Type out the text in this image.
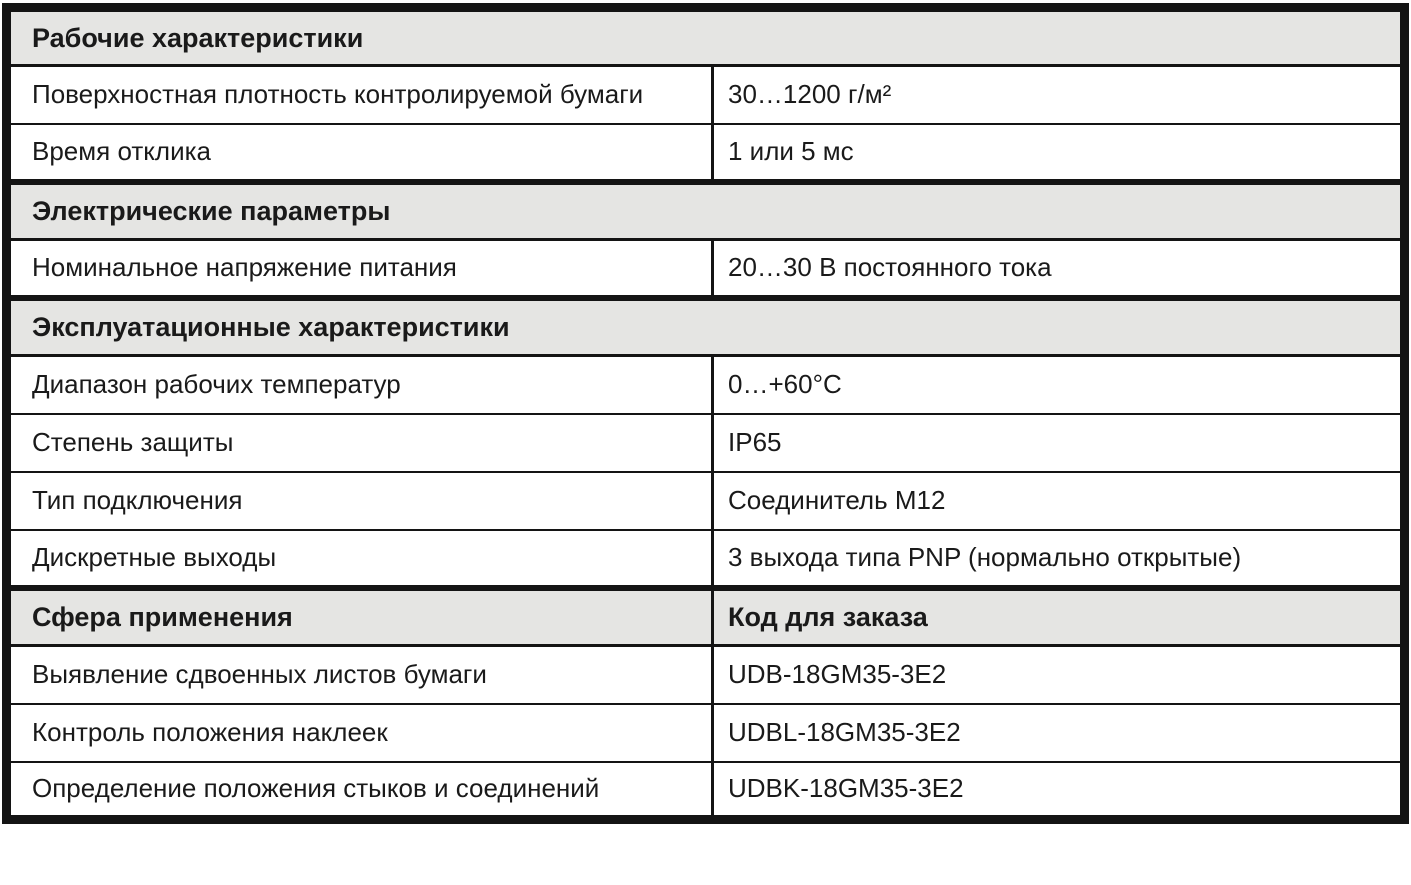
Рабочие характеристики	
Поверхностная плотность контролируемой бумаги	30…1200 г/м²
Время отклика	1 или 5 мс
Электрические параметры	
Номинальное напряжение питания	20…30 В постоянного тока
Эксплуатационные характеристики	
Диапазон рабочих температур	0…+60°C
Степень защиты	IP65
Тип подключения	Соединитель M12
Дискретные выходы	3 выхода типа PNP (нормально открытые)
Сфера применения	Код для заказа
Выявление сдвоенных листов бумаги	UDB-18GM35-3E2
Контроль положения наклеек	UDBL-18GM35-3E2
Определение положения стыков и соединений	UDBK-18GM35-3E2
